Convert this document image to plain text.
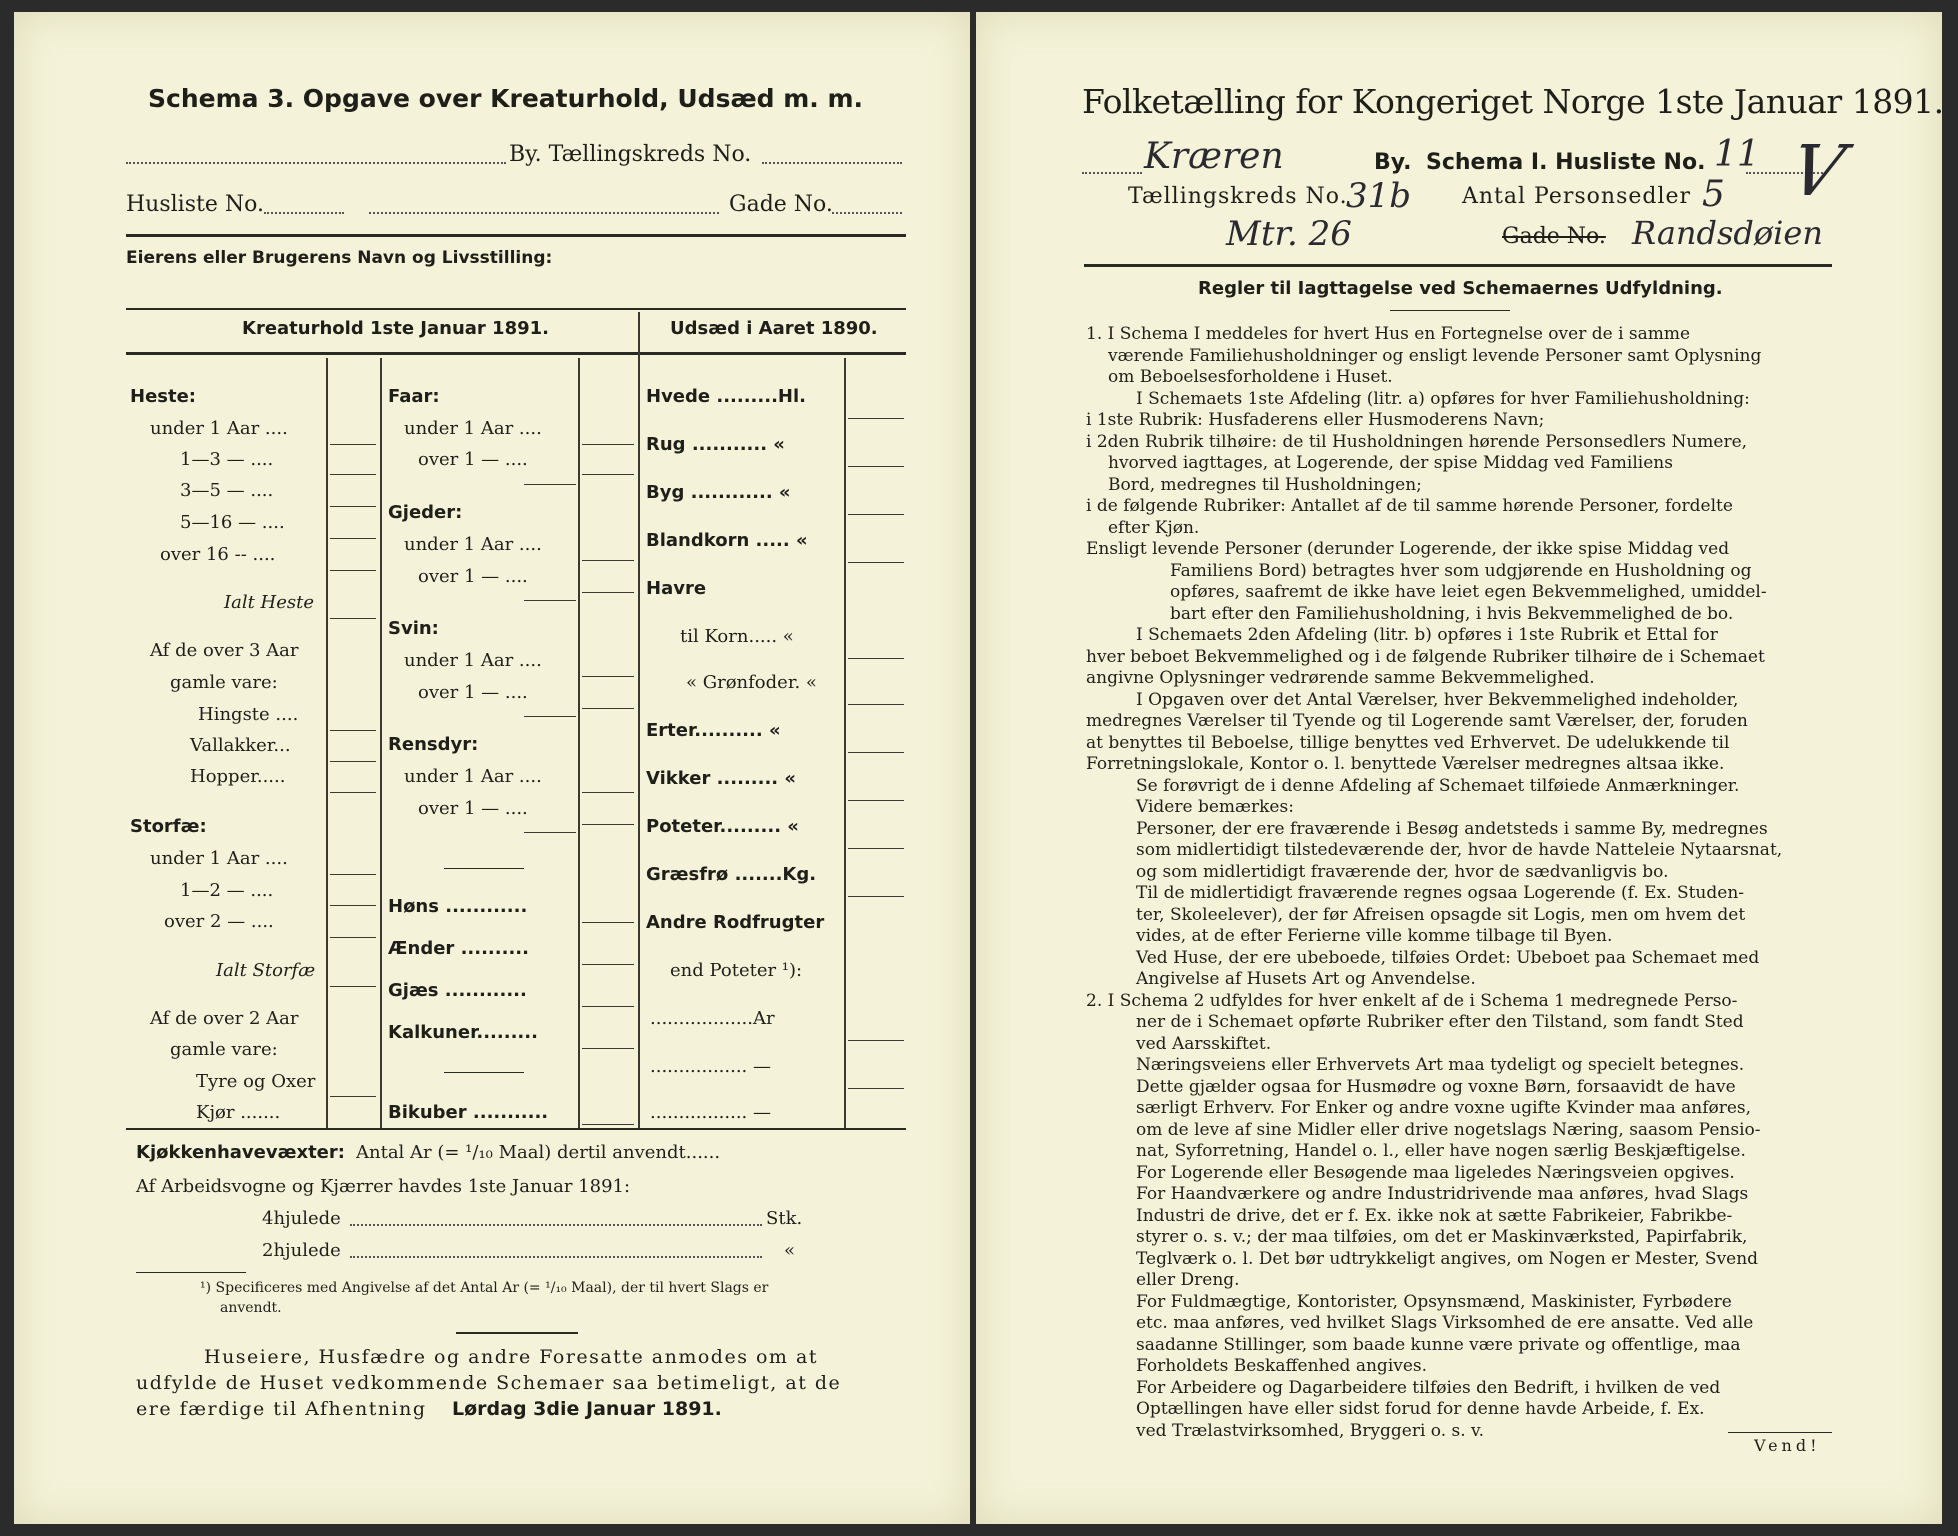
Schema 3. Opgave over Kreaturhold, Udsæd m. m.
By. Tællingskreds No.
Husliste No.	Gade No.
Eierens eller Brugerens Navn og Livsstilling:
Kreaturhold 1ste Januar 1891.	Udsæd i Aaret 1890.
Heste:
under 1 Aar ....
1—3 — ....
3—5 — ....
5—16 — ....
over 16 -- ....
Ialt Heste
Af de over 3 Aar
gamle vare:
Hingste ....
Vallakker...
Hopper.....
Storfæ:
under 1 Aar ....
1—2 — ....
over 2 — ....
Ialt Storfæ
Af de over 2 Aar
gamle vare:
Tyre og Oxer
Kjør .......
Faar:
under 1 Aar ....
over 1 — ....
Gjeder:
under 1 Aar ....
over 1 — ....
Svin:
under 1 Aar ....
over 1 — ....
Rensdyr:
under 1 Aar ....
over 1 — ....
Høns ............
Ænder ..........
Gjæs ............
Kalkuner.........
Bikuber ...........
Hvede .........Hl.
Rug ........... «
Byg ............ «
Blandkorn ..... «
Havre
til Korn..... «
« Grønfoder. «
Erter.......... «
Vikker ......... «
Poteter......... «
Græsfrø .......Kg.
Andre Rodfrugter
end Poteter ¹):
..................Ar
................. —
................. —
Kjøkkenhavevæxter: Antal Ar (= ¹/₁₀ Maal) dertil anvendt......
Af Arbeidsvogne og Kjærrer havdes 1ste Januar 1891:
4hjulede	Stk.
2hjulede	«
¹) Specificeres med Angivelse af det Antal Ar (= ¹/₁₀ Maal), der til hvert Slags er
anvendt.
Huseiere, Husfædre og andre Foresatte anmodes om at
udfylde de Huset vedkommende Schemaer saa betimeligt, at de
ere færdige til Afhentning Lørdag 3die Januar 1891.
Folketælling for Kongeriget Norge 1ste Januar 1891.
Kræren	By. Schema I. Husliste No. 11
Tællingskreds No.
31b Antal Personsedler 5 V
Mtr. 26	Gade No. Randsdøien
Regler til Iagttagelse ved Schemaernes Udfyldning.
1. I Schema I meddeles for hvert Hus en Fortegnelse over de i samme
værende Familiehusholdninger og ensligt levende Personer samt Oplysning
om Beboelsesforholdene i Huset.
I Schemaets 1ste Afdeling (litr. a) opføres for hver Familiehusholdning:
i 1ste Rubrik: Husfaderens eller Husmoderens Navn;
i 2den Rubrik tilhøire: de til Husholdningen hørende Personsedlers Numere,
hvorved iagttages, at Logerende, der spise Middag ved Familiens
Bord, medregnes til Husholdningen;
i de følgende Rubriker: Antallet af de til samme hørende Personer, fordelte
efter Kjøn.
Ensligt levende Personer (derunder Logerende, der ikke spise Middag ved
Familiens Bord) betragtes hver som udgjørende en Husholdning og
opføres, saafremt de ikke have leiet egen Bekvemmelighed, umiddel-
bart efter den Familiehusholdning, i hvis Bekvemmelighed de bo.
I Schemaets 2den Afdeling (litr. b) opføres i 1ste Rubrik et Ettal for
hver beboet Bekvemmelighed og i de følgende Rubriker tilhøire de i Schemaet
angivne Oplysninger vedrørende samme Bekvemmelighed.
I Opgaven over det Antal Værelser, hver Bekvemmelighed indeholder,
medregnes Værelser til Tyende og til Logerende samt Værelser, der, foruden
at benyttes til Beboelse, tillige benyttes ved Erhvervet. De udelukkende til
Forretningslokale, Kontor o. l. benyttede Værelser medregnes altsaa ikke.
Se forøvrigt de i denne Afdeling af Schemaet tilføiede Anmærkninger.
Videre bemærkes:
Personer, der ere fraværende i Besøg andetsteds i samme By, medregnes
som midlertidigt tilstedeværende der, hvor de havde Natteleie Nytaarsnat,
og som midlertidigt fraværende der, hvor de sædvanligvis bo.
Til de midlertidigt fraværende regnes ogsaa Logerende (f. Ex. Studen-
ter, Skoleelever), der før Afreisen opsagde sit Logis, men om hvem det
vides, at de efter Ferierne ville komme tilbage til Byen.
Ved Huse, der ere ubeboede, tilføies Ordet: Ubeboet paa Schemaet med
Angivelse af Husets Art og Anvendelse.
2. I Schema 2 udfyldes for hver enkelt af de i Schema 1 medregnede Perso-
ner de i Schemaet opførte Rubriker efter den Tilstand, som fandt Sted
ved Aarsskiftet.
Næringsveiens eller Erhvervets Art maa tydeligt og specielt betegnes.
Dette gjælder ogsaa for Husmødre og voxne Børn, forsaavidt de have
særligt Erhverv. For Enker og andre voxne ugifte Kvinder maa anføres,
om de leve af sine Midler eller drive nogetslags Næring, saasom Pensio-
nat, Syforretning, Handel o. l., eller have nogen særlig Beskjæftigelse.
For Logerende eller Besøgende maa ligeledes Næringsveien opgives.
For Haandværkere og andre Industridrivende maa anføres, hvad Slags
Industri de drive, det er f. Ex. ikke nok at sætte Fabrikeier, Fabrikbe-
styrer o. s. v.; der maa tilføies, om det er Maskinværksted, Papirfabrik,
Teglværk o. l. Det bør udtrykkeligt angives, om Nogen er Mester, Svend
eller Dreng.
For Fuldmægtige, Kontorister, Opsynsmænd, Maskinister, Fyrbødere
etc. maa anføres, ved hvilket Slags Virksomhed de ere ansatte. Ved alle
saadanne Stillinger, som baade kunne være private og offentlige, maa
Forholdets Beskaffenhed angives.
For Arbeidere og Dagarbeidere tilføies den Bedrift, i hvilken de ved
Optællingen have eller sidst forud for denne havde Arbeide, f. Ex.
ved Trælastvirksomhed, Bryggeri o. s. v.
Vend!
